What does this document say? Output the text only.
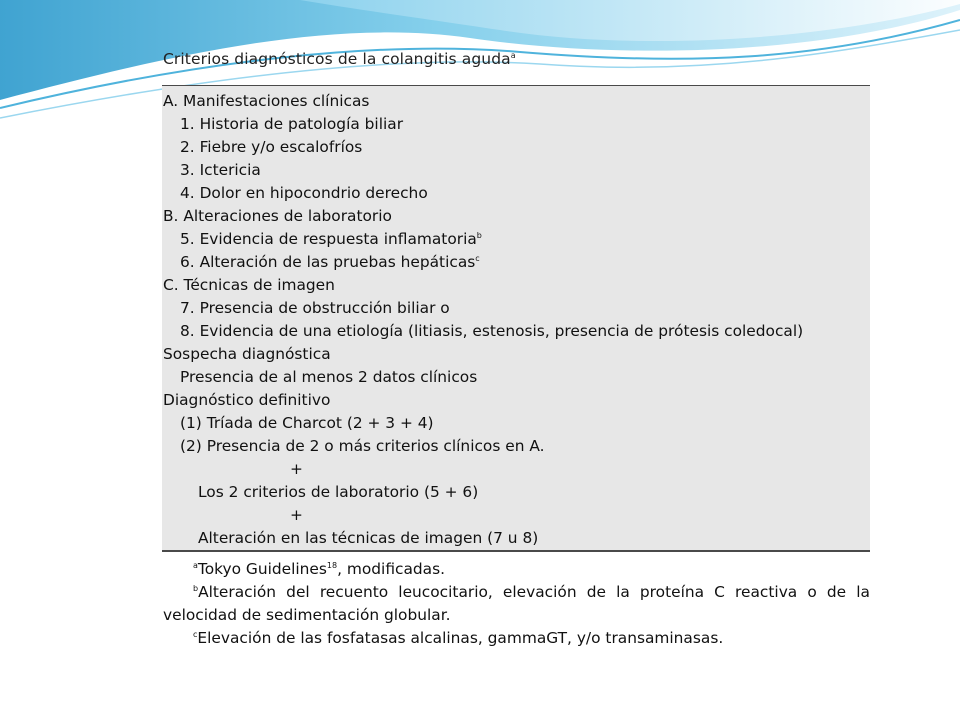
Criterios diagnósticos de la colangitis aguda$^a$
A. Manifestaciones clínicas
1. Historia de patología biliar
2. Fiebre y/o escalofríos
3. Ictericia
4. Dolor en hipocondrio derecho
B. Alteraciones de laboratorio
5. Evidencia de respuesta inflamatoria$^b$
6. Alteración de las pruebas hepáticas$^c$
C. Técnicas de imagen
7. Presencia de obstrucción biliar o
8. Evidencia de una etiología (litiasis, estenosis, presencia de prótesis coledocal)
Sospecha diagnóstica
Presencia de al menos 2 datos clínicos
Diagnóstico definitivo
(1) Tríada de Charcot (2 + 3 + 4)
(2) Presencia de 2 o más criterios clínicos en A.
+
Los 2 criterios de laboratorio (5 + 6)
+
Alteración en las técnicas de imagen (7 u 8)
$^a$Tokyo Guidelines$^{18}$, modificadas.
$^b$Alteración del recuento leucocitario, elevación de la proteína C reactiva o de la velocidad de sedimentación globular.
$^c$Elevación de las fosfatasas alcalinas, gammaGT, y/o transaminasas.
